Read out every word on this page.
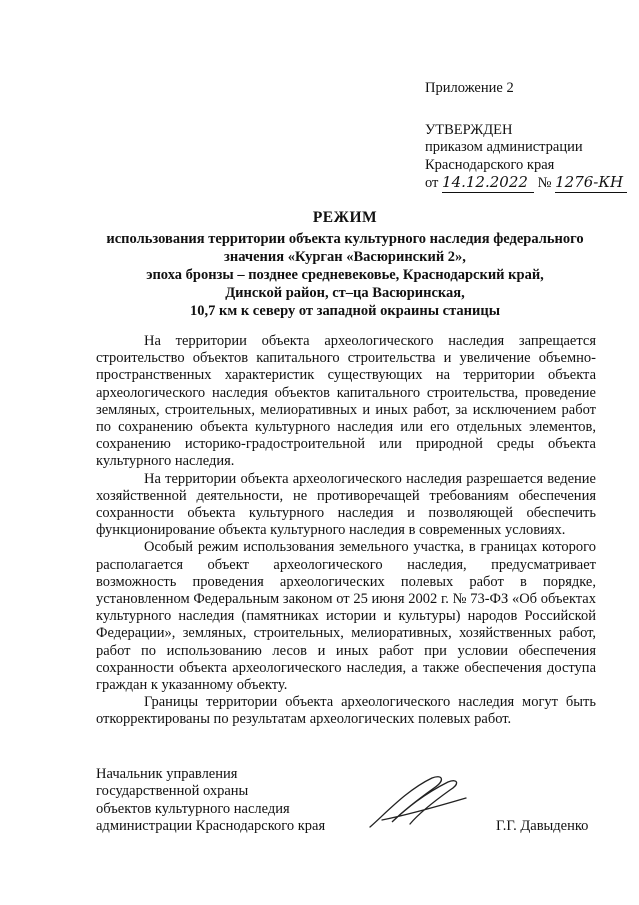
Приложение 2
УТВЕРЖДЕН
приказом администрации
Краснодарского края
от 14.12.2022 № 1276-КН
РЕЖИМ
использования территории объекта культурного наследия федерального
значения «Курган «Васюринский 2»,
эпоха бронзы – позднее средневековье, Краснодарский край,
Динской район, ст–ца Васюринская,
10,7 км к северу от западной окраины станицы

На территории объекта археологического наследия запрещается строительство объектов капитального строительства и увеличение объемно-пространственных характеристик существующих на территории объекта археологического наследия объектов капитального строительства, проведение земляных, строительных, мелиоративных и иных работ, за исключением работ по сохранению объекта культурного наследия или его отдельных элементов, сохранению историко-градостроительной или природной среды объекта культурного наследия.

На территории объекта археологического наследия разрешается ведение хозяйственной деятельности, не противоречащей требованиям обеспечения сохранности объекта культурного наследия и позволяющей обеспечить функционирование объекта культурного наследия в современных условиях.

Особый режим использования земельного участка, в границах которого располагается объект археологического наследия, предусматривает возможность проведения археологических полевых работ в порядке, установленном Федеральным законом от 25 июня 2002 г. № 73-ФЗ «Об объектах культурного наследия (памятниках истории и культуры) народов Российской Федерации», земляных, строительных, мелиоративных, хозяйственных работ, работ по использованию лесов и иных работ при условии обеспечения сохранности объекта археологического наследия, а также обеспечения доступа граждан к указанному объекту.

Границы территории объекта археологического наследия могут быть откорректированы по результатам археологических полевых работ.

Начальник управления
государственной охраны
объектов культурного наследия
администрации Краснодарского края	Г.Г. Давыденко
